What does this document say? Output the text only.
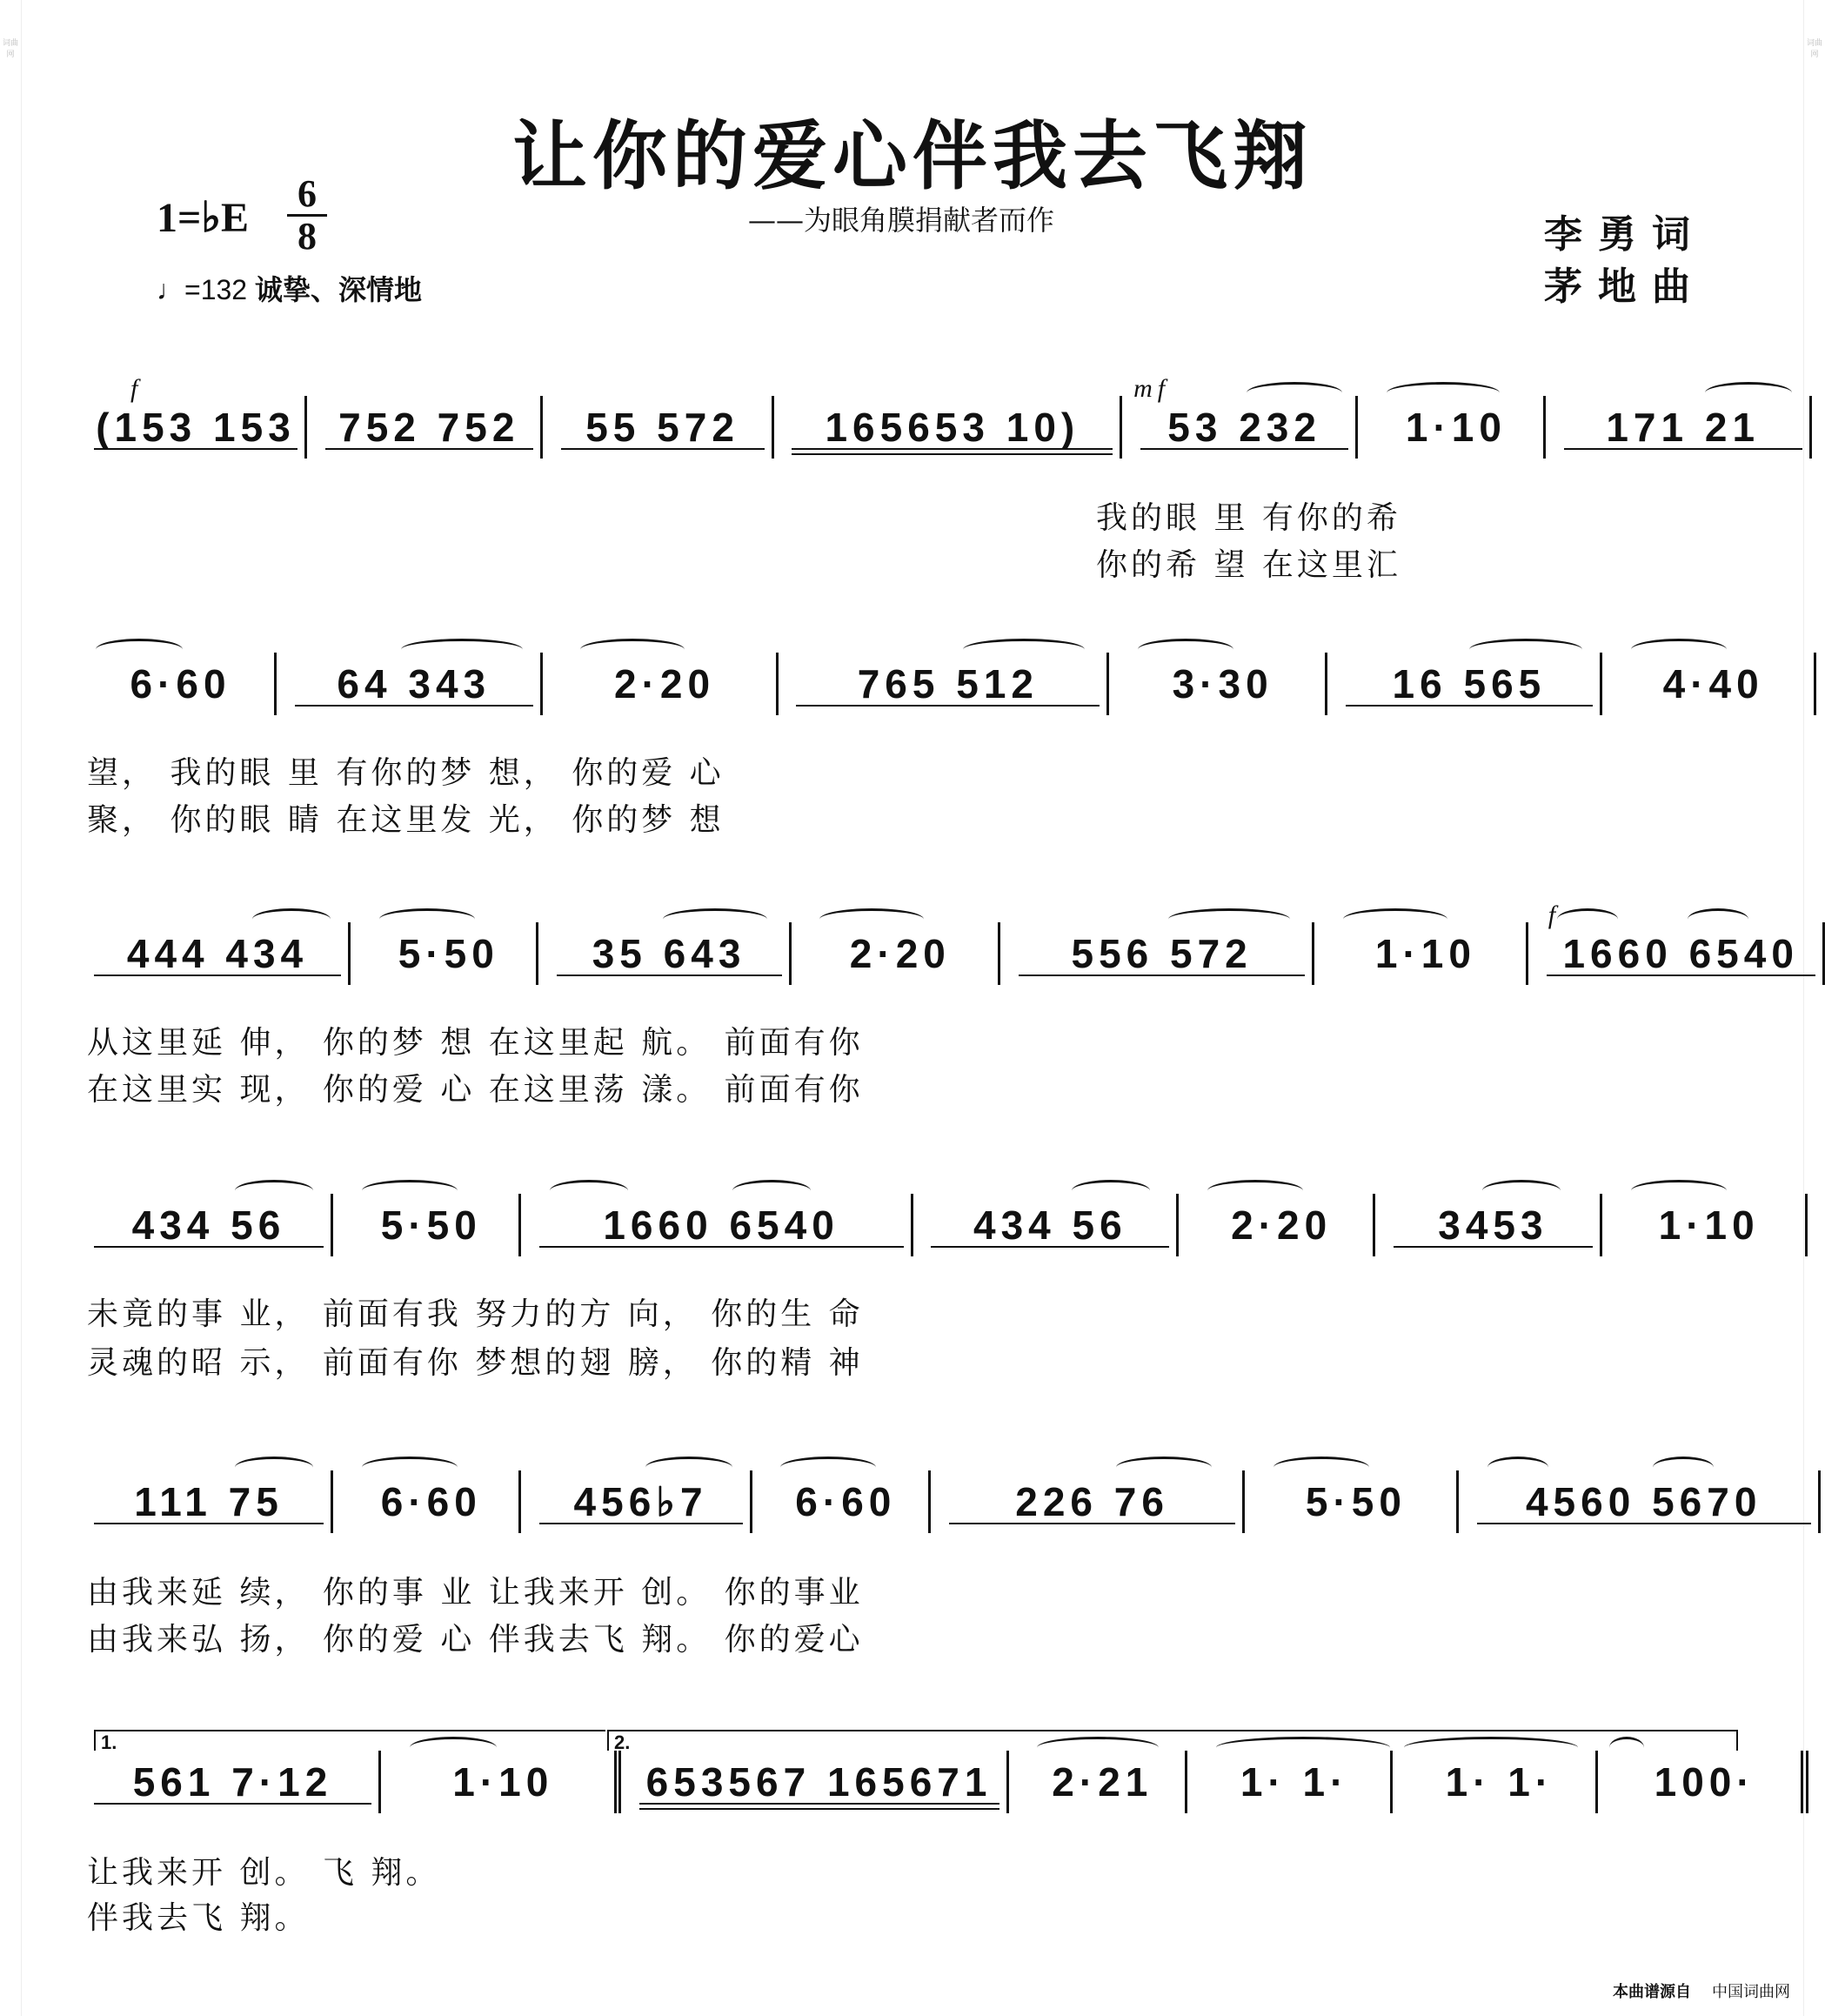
词曲网
词曲网
让你的爱心伴我去飞翔
——为眼角膜捐献者而作
1=♭E
6
8
♩=132 诚挚、深情地
李勇词
茅地曲
f
(153 153 752 752 55 572 165653 10)

mf
53 232
1·10 171 21
我的眼 里 有你的希
你的希 望 在这里汇
6·60	64 343
	2·20	765 512
	3·30	16 565
	4·40
望， 我的眼 里 有你的梦 想， 你的爱 心
聚， 你的眼 睛 在这里发 光， 你的梦 想
444 434
5·50 35 643
	2·20	556 572
	1·10
f
1660 6540
从这里延 伸， 你的梦 想 在这里起 航。 前面有你
在这里实 现， 你的爱 心 在这里荡 漾。 前面有你
434 56
5·50	1660 6540
	434 56
	2·20	3453
	1·10
未竟的事 业， 前面有我 努力的方 向， 你的生 命
灵魂的昭 示， 前面有你 梦想的翅 膀， 你的精 神
111 75
6·60 456♭7
6·60	226 76
	5·50	4560 5670
由我来延 续， 你的事 业 让我来开 创。 你的事业
由我来弘 扬， 你的爱 心 伴我去飞 翔。 你的爱心
1.	2.
561 7·12
	1·10 653567 165671
2·21 1· 1· 1· 1·	100·
让我来开 创。 飞 翔。
伴我去飞 翔。
本曲谱源自 中国词曲网
